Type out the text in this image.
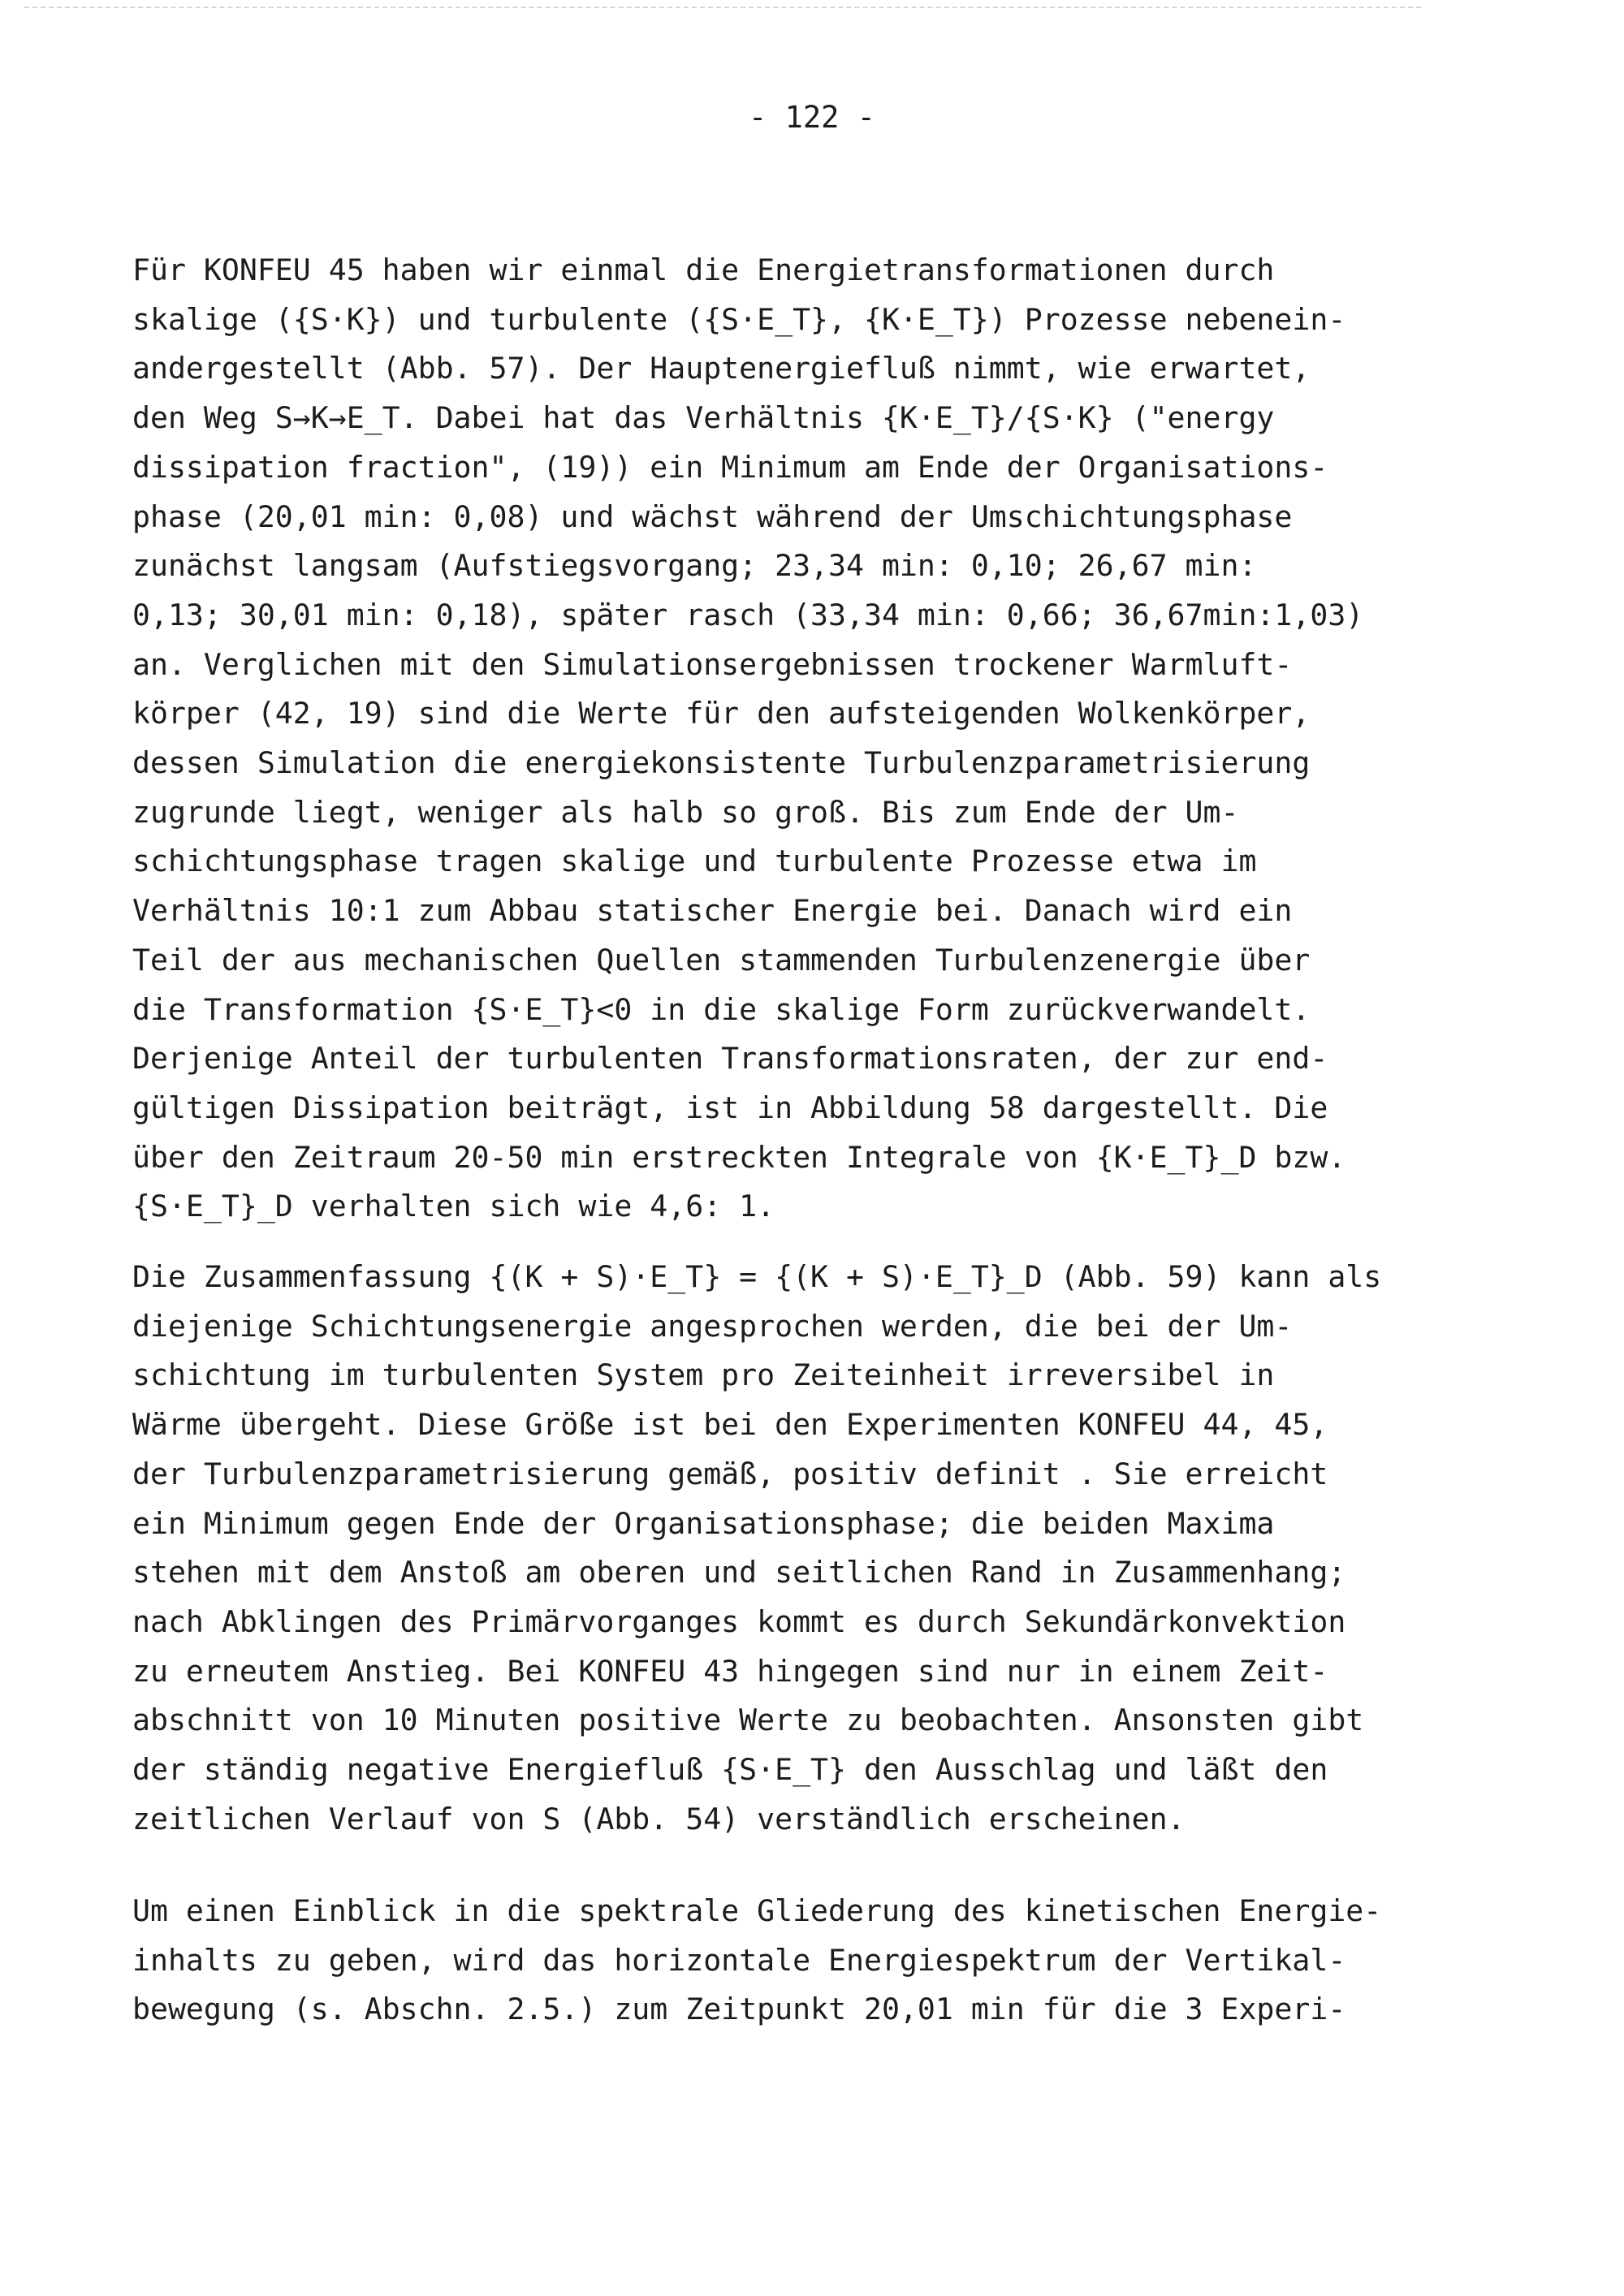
- 122 -
Für KONFEU 45 haben wir einmal die Energietransformationen durch
skalige ({S·K}) und turbulente ({S·E_T}, {K·E_T}) Prozesse nebenein-
andergestellt (Abb. 57). Der Hauptenergiefluß nimmt, wie erwartet,
den Weg S→K→E_T. Dabei hat das Verhältnis {K·E_T}/{S·K} ("energy
dissipation fraction", (19)) ein Minimum am Ende der Organisations-
phase (20,01 min: 0,08) und wächst während der Umschichtungsphase
zunächst langsam (Aufstiegsvorgang; 23,34 min: 0,10; 26,67 min:
0,13; 30,01 min: 0,18), später rasch (33,34 min: 0,66; 36,67min:1,03)
an. Verglichen mit den Simulationsergebnissen trockener Warmluft-
körper (42, 19) sind die Werte für den aufsteigenden Wolkenkörper,
dessen Simulation die energiekonsistente Turbulenzparametrisierung
zugrunde liegt, weniger als halb so groß. Bis zum Ende der Um-
schichtungsphase tragen skalige und turbulente Prozesse etwa im
Verhältnis 10:1 zum Abbau statischer Energie bei. Danach wird ein
Teil der aus mechanischen Quellen stammenden Turbulenzenergie über
die Transformation {S·E_T}<0 in die skalige Form zurückverwandelt.
Derjenige Anteil der turbulenten Transformationsraten, der zur end-
gültigen Dissipation beiträgt, ist in Abbildung 58 dargestellt. Die
über den Zeitraum 20-50 min erstreckten Integrale von {K·E_T}_D bzw.
{S·E_T}_D verhalten sich wie 4,6: 1.
Die Zusammenfassung {(K + S)·E_T} = {(K + S)·E_T}_D (Abb. 59) kann als
diejenige Schichtungsenergie angesprochen werden, die bei der Um-
schichtung im turbulenten System pro Zeiteinheit irreversibel in
Wärme übergeht. Diese Größe ist bei den Experimenten KONFEU 44, 45,
der Turbulenzparametrisierung gemäß, positiv definit . Sie erreicht
ein Minimum gegen Ende der Organisationsphase; die beiden Maxima
stehen mit dem Anstoß am oberen und seitlichen Rand in Zusammenhang;
nach Abklingen des Primärvorganges kommt es durch Sekundärkonvektion
zu erneutem Anstieg. Bei KONFEU 43 hingegen sind nur in einem Zeit-
abschnitt von 10 Minuten positive Werte zu beobachten. Ansonsten gibt
der ständig negative Energiefluß {S·E_T} den Ausschlag und läßt den
zeitlichen Verlauf von S (Abb. 54) verständlich erscheinen.
Um einen Einblick in die spektrale Gliederung des kinetischen Energie-
inhalts zu geben, wird das horizontale Energiespektrum der Vertikal-
bewegung (s. Abschn. 2.5.) zum Zeitpunkt 20,01 min für die 3 Experi-
